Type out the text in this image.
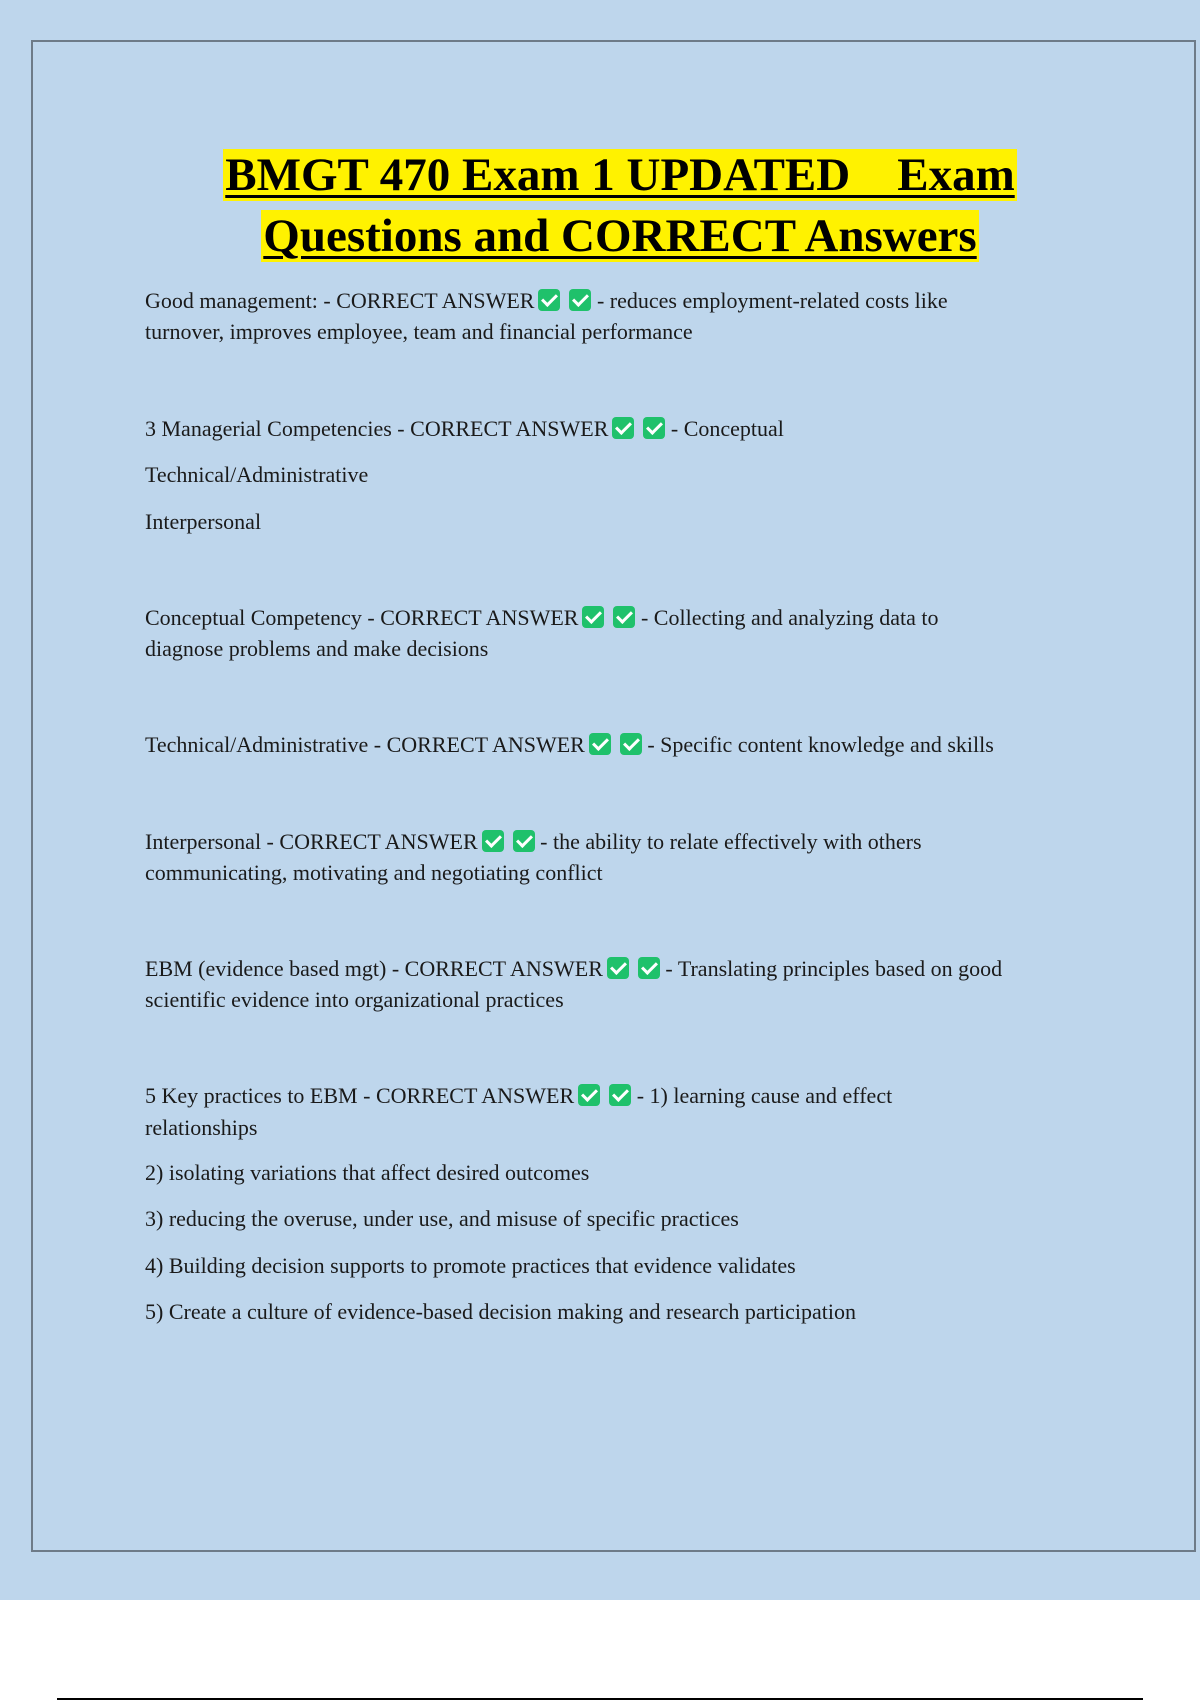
BMGT 470 Exam 1 UPDATED    Exam
Questions and CORRECT Answers
Good management: - CORRECT ANSWER	- reduces employment-related costs like
turnover, improves employee, team and financial performance
3 Managerial Competencies - CORRECT ANSWER	- Conceptual
Technical/Administrative
Interpersonal
Conceptual Competency - CORRECT ANSWER	- Collecting and analyzing data to
diagnose problems and make decisions
Technical/Administrative - CORRECT ANSWER	- Specific content knowledge and skills
Interpersonal - CORRECT ANSWER	- the ability to relate effectively with others
communicating, motivating and negotiating conflict
EBM (evidence based mgt) - CORRECT ANSWER	- Translating principles based on good
scientific evidence into organizational practices
5 Key practices to EBM - CORRECT ANSWER	- 1) learning cause and effect
relationships
2) isolating variations that affect desired outcomes
3) reducing the overuse, under use, and misuse of specific practices
4) Building decision supports to promote practices that evidence validates
5) Create a culture of evidence-based decision making and research participation
